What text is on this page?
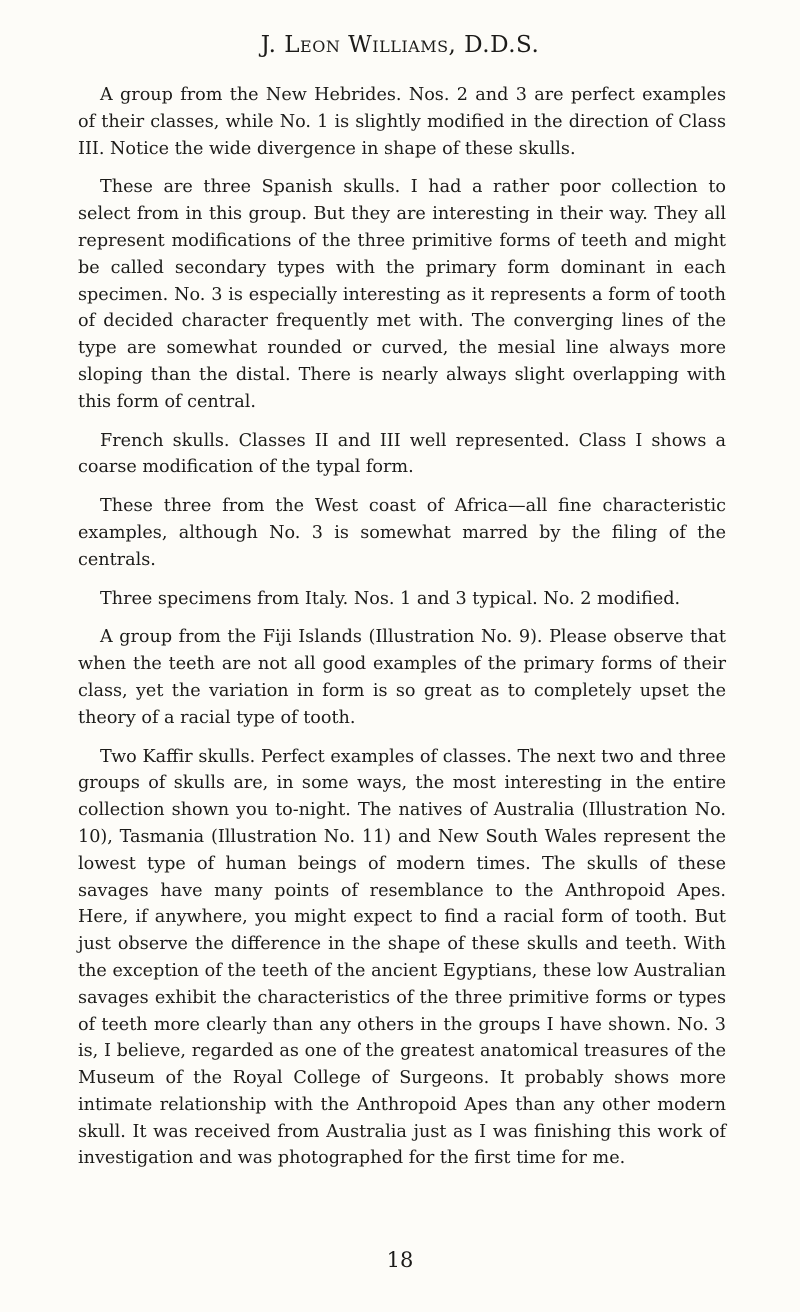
J. Leon Williams, D.D.S.

A group from the New Hebrides. Nos. 2 and 3 are perfect examples of their classes, while No. 1 is slightly modified in the direction of Class III. Notice the wide divergence in shape of these skulls.

These are three Spanish skulls. I had a rather poor collection to select from in this group. But they are interesting in their way. They all represent modifications of the three primitive forms of teeth and might be called secondary types with the primary form dominant in each specimen. No. 3 is especially interesting as it represents a form of tooth of decided character frequently met with. The converging lines of the type are somewhat rounded or curved, the mesial line always more sloping than the distal. There is nearly always slight overlapping with this form of central.

French skulls. Classes II and III well represented. Class I shows a coarse modification of the typal form.

These three from the West coast of Africa—all fine characteristic examples, although No. 3 is somewhat marred by the filing of the centrals.

Three specimens from Italy. Nos. 1 and 3 typical. No. 2 modified.

A group from the Fiji Islands (Illustration No. 9). Please observe that when the teeth are not all good examples of the primary forms of their class, yet the variation in form is so great as to completely upset the theory of a racial type of tooth.

Two Kaffir skulls. Perfect examples of classes. The next two and three groups of skulls are, in some ways, the most interesting in the entire collection shown you to-night. The natives of Australia (Illustration No. 10), Tasmania (Illustration No. 11) and New South Wales represent the lowest type of human beings of modern times. The skulls of these savages have many points of resemblance to the Anthropoid Apes. Here, if anywhere, you might expect to find a racial form of tooth. But just observe the difference in the shape of these skulls and teeth. With the exception of the teeth of the ancient Egyptians, these low Australian savages exhibit the characteristics of the three primitive forms or types of teeth more clearly than any others in the groups I have shown. No. 3 is, I believe, regarded as one of the greatest anatomical treasures of the Museum of the Royal College of Surgeons. It probably shows more intimate relationship with the Anthropoid Apes than any other modern skull. It was received from Australia just as I was finishing this work of investigation and was photographed for the first time for me.

18
